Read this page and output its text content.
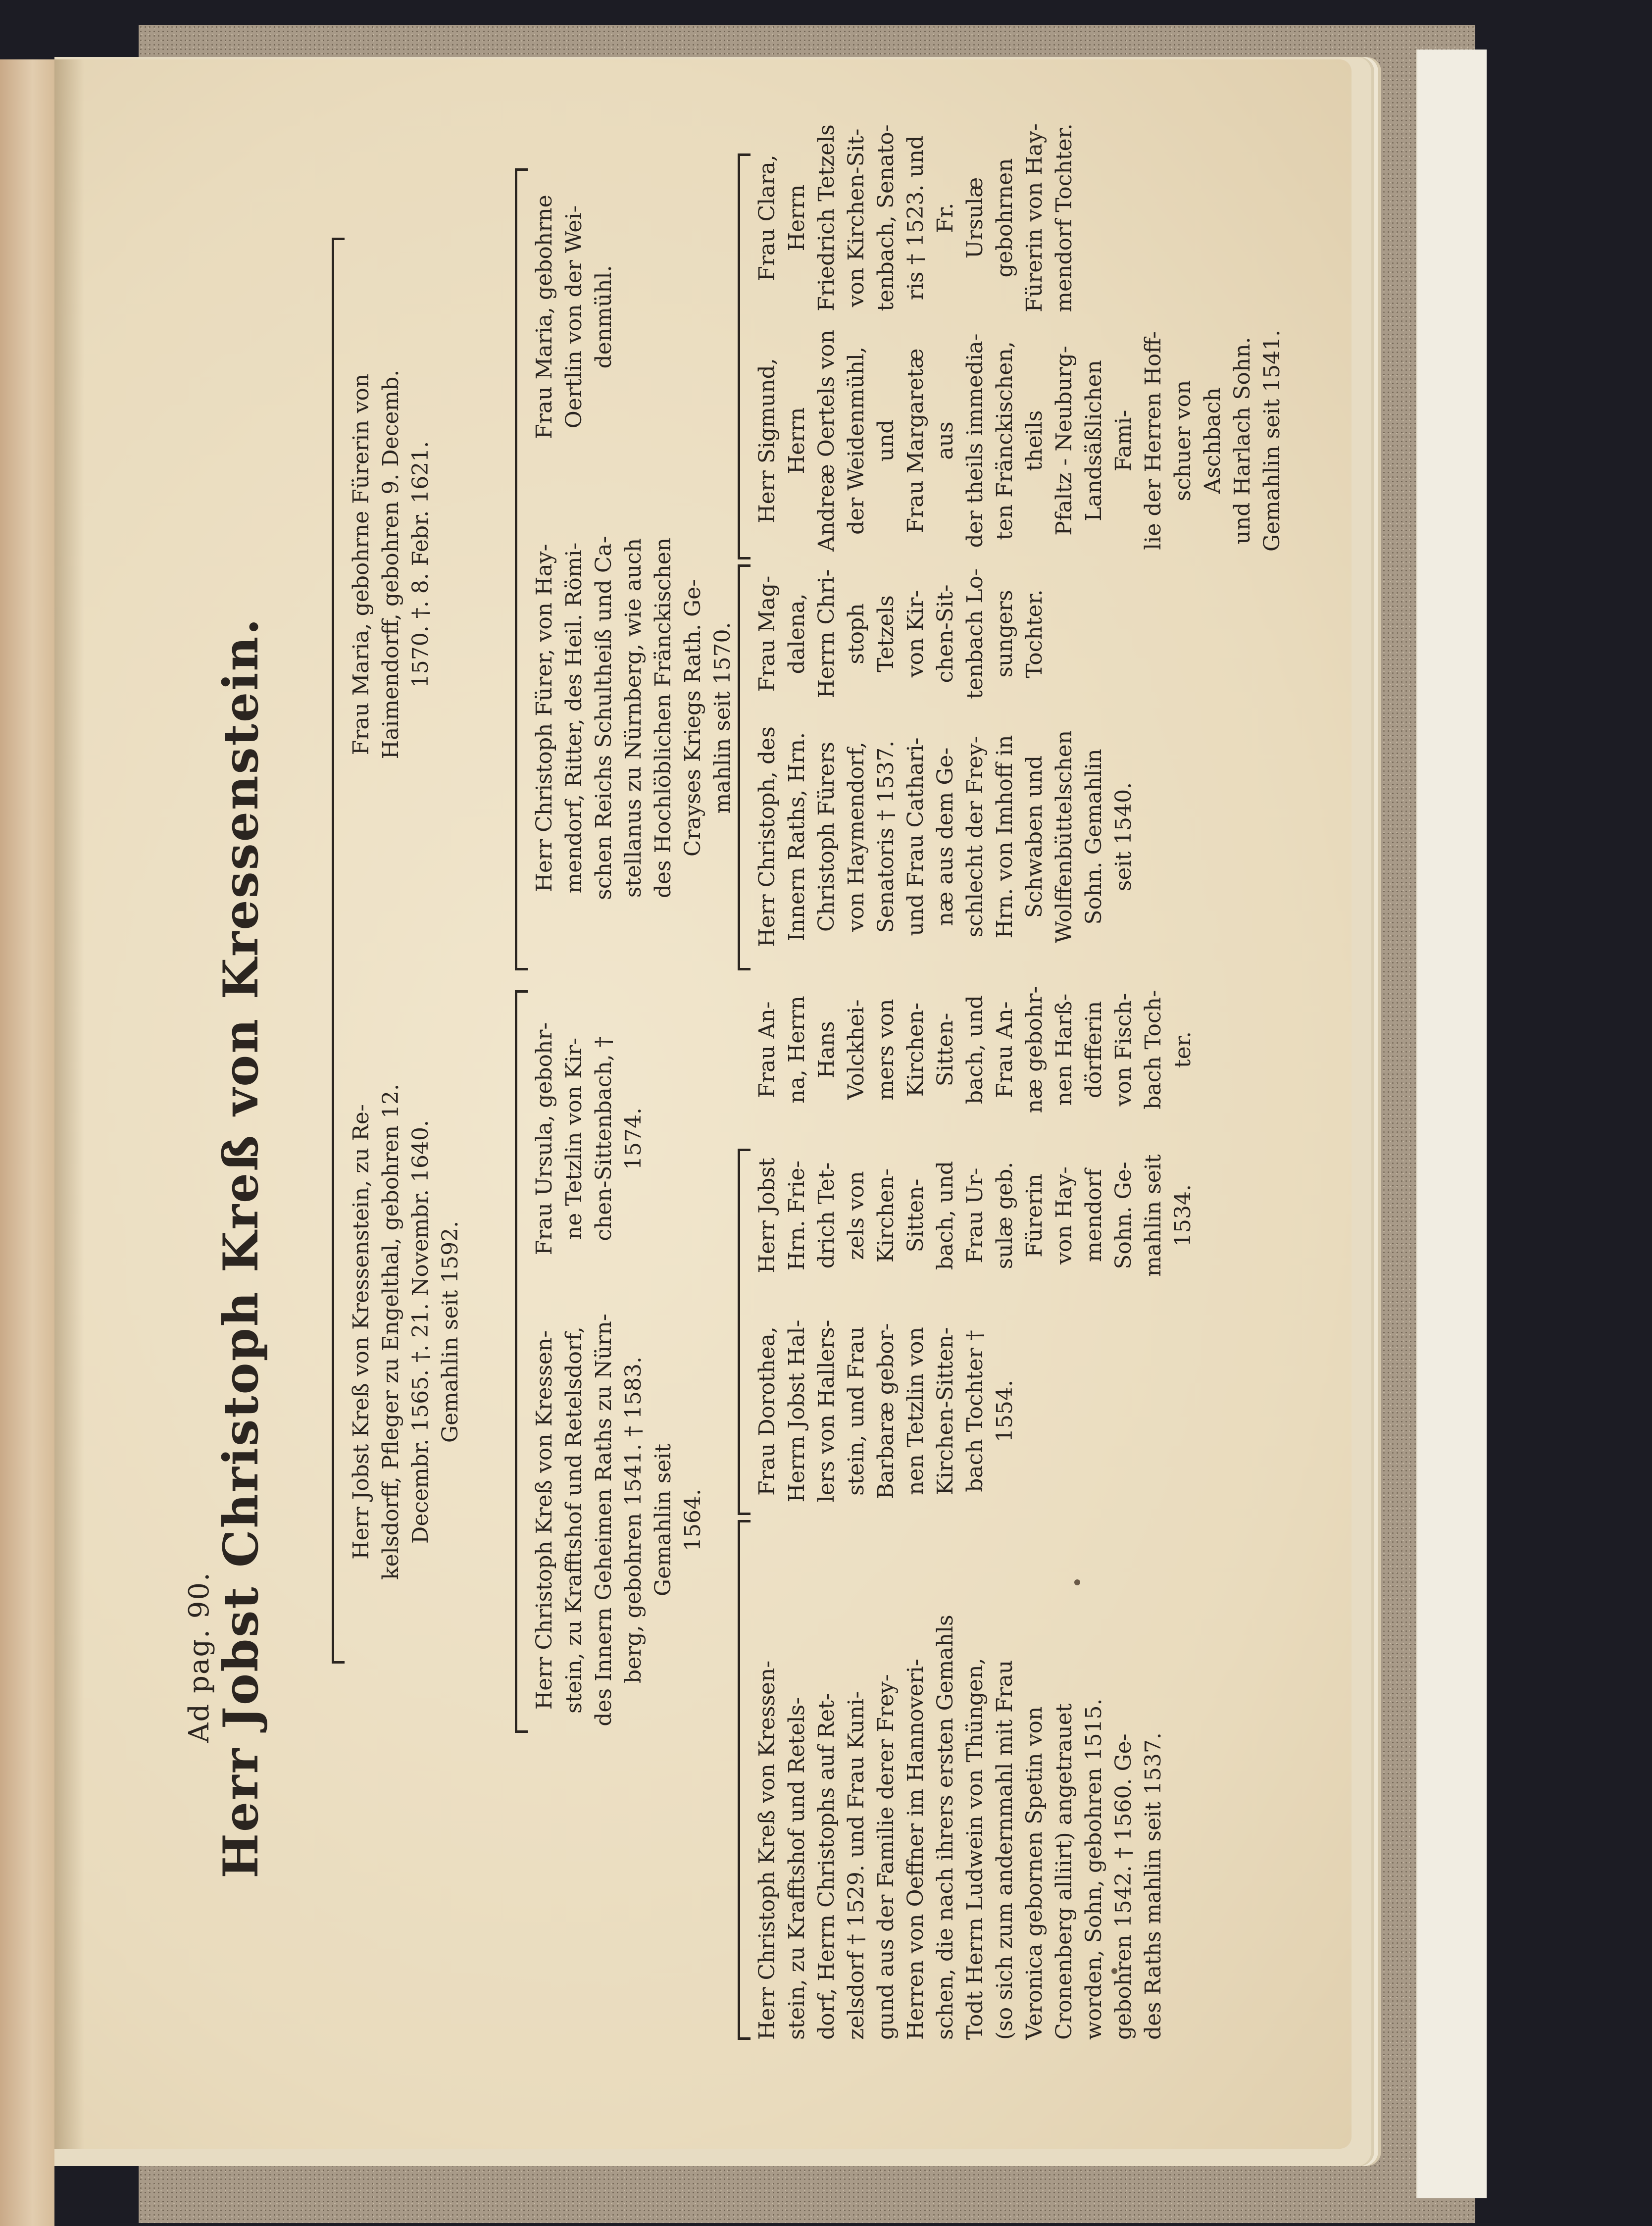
Ad pag. 90.
Herr Jobst Christoph Kreß von Kressenstein.	Herr Jobst Kreß von Kressenstein, zu Re-
kelsdorff, Pfleger zu Engelthal, gebohren 12.
Decembr. 1565. †. 21. Novembr. 1640.
Gemahlin seit 1592.
Frau Maria, gebohrne Fürerin von
Haimendorff, gebohren 9. Decemb.
1570. †. 8. Febr. 1621.
Herr Christoph Kreß von Kressen-
stein, zu Krafftshof und Retelsdorf,
des Innern Geheimen Raths zu Nürn-
berg, gebohren 1541. † 1583.
Gemahlin seit
1564.
Frau Ursula, gebohr-
ne Tetzlin von Kir-
chen-Sittenbach, †
1574.
Herr Christoph Fürer, von Hay-
mendorf, Ritter, des Heil. Römi-
schen Reichs Schultheiß und Ca-
stellanus zu Nürnberg, wie auch
des Hochlöblichen Fränckischen
Crayses Kriegs Rath. Ge-
mahlin seit 1570.
Frau Maria, gebohrne
Oertlin von der Wei-
denmühl.
Herr Christoph Kreß von Kressen-
stein, zu Krafftshof und Retels-
dorf, Herrn Christophs auf Ret-
zelsdorf † 1529. und Frau Kuni-
gund aus der Familie derer Frey-
Herren von Oeffner im Hannoveri-
schen, die nach ihrers ersten Gemahls
Todt Herrn Ludwein von Thüngen,
(so sich zum andernmahl mit Frau
Veronica gebornen Spetin von
Cronenberg alliirt) angetrauet
worden, Sohn, gebohren 1515.
gebohren 1542. † 1560. Ge-
des Raths mahlin seit 1537.
Frau Dorothea,
Herrn Jobst Hal-
lers von Hallers-
stein, und Frau
Barbaræ gebor-
nen Tetzlin von
Kirchen-Sitten-
bach Tochter †
1554.
Herr Jobst
Hrn. Frie-
drich Tet-
zels von
Kirchen-
Sitten-
bach, und
Frau Ur-
sulæ geb.
Fürerin
von Hay-
mendorf
Sohn. Ge-
mahlin seit
1534.
Frau An-
na, Herrn
Hans
Volckhei-
mers von
Kirchen-
Sitten-
bach, und
Frau An-
næ gebohr-
nen Harß-
dörfferin
von Fisch-
bach Toch-
ter.
Herr Christoph, des
Innern Raths, Hrn.
Christoph Fürers
von Haymendorf,
Senatoris † 1537.
und Frau Cathari-
næ aus dem Ge-
schlecht der Frey-
Hrn. von Imhoff in
Schwaben und
Wolffenbüttelschen
Sohn. Gemahlin
seit 1540.
Frau Mag-
dalena,
Herrn Chri-
stoph Tetzels
von Kir-
chen-Sit-
tenbach Lo-
sungers
Tochter.
Herr Sigmund, Herrn
Andreæ Oertels von
der Weidenmühl, und
Frau Margaretæ aus
der theils immedia-
ten Fränckischen, theils
Pfaltz - Neuburg-
Landsäßlichen Fami-
lie der Herren Hoff-
schuer von Aschbach
und Harlach Sohn.
Gemahlin seit 1541.
Frau Clara, Herrn
Friedrich Tetzels
von Kirchen-Sit-
tenbach, Senato-
ris † 1523. und Fr.
Ursulæ gebohrnen
Fürerin von Hay-
mendorf Tochter.
